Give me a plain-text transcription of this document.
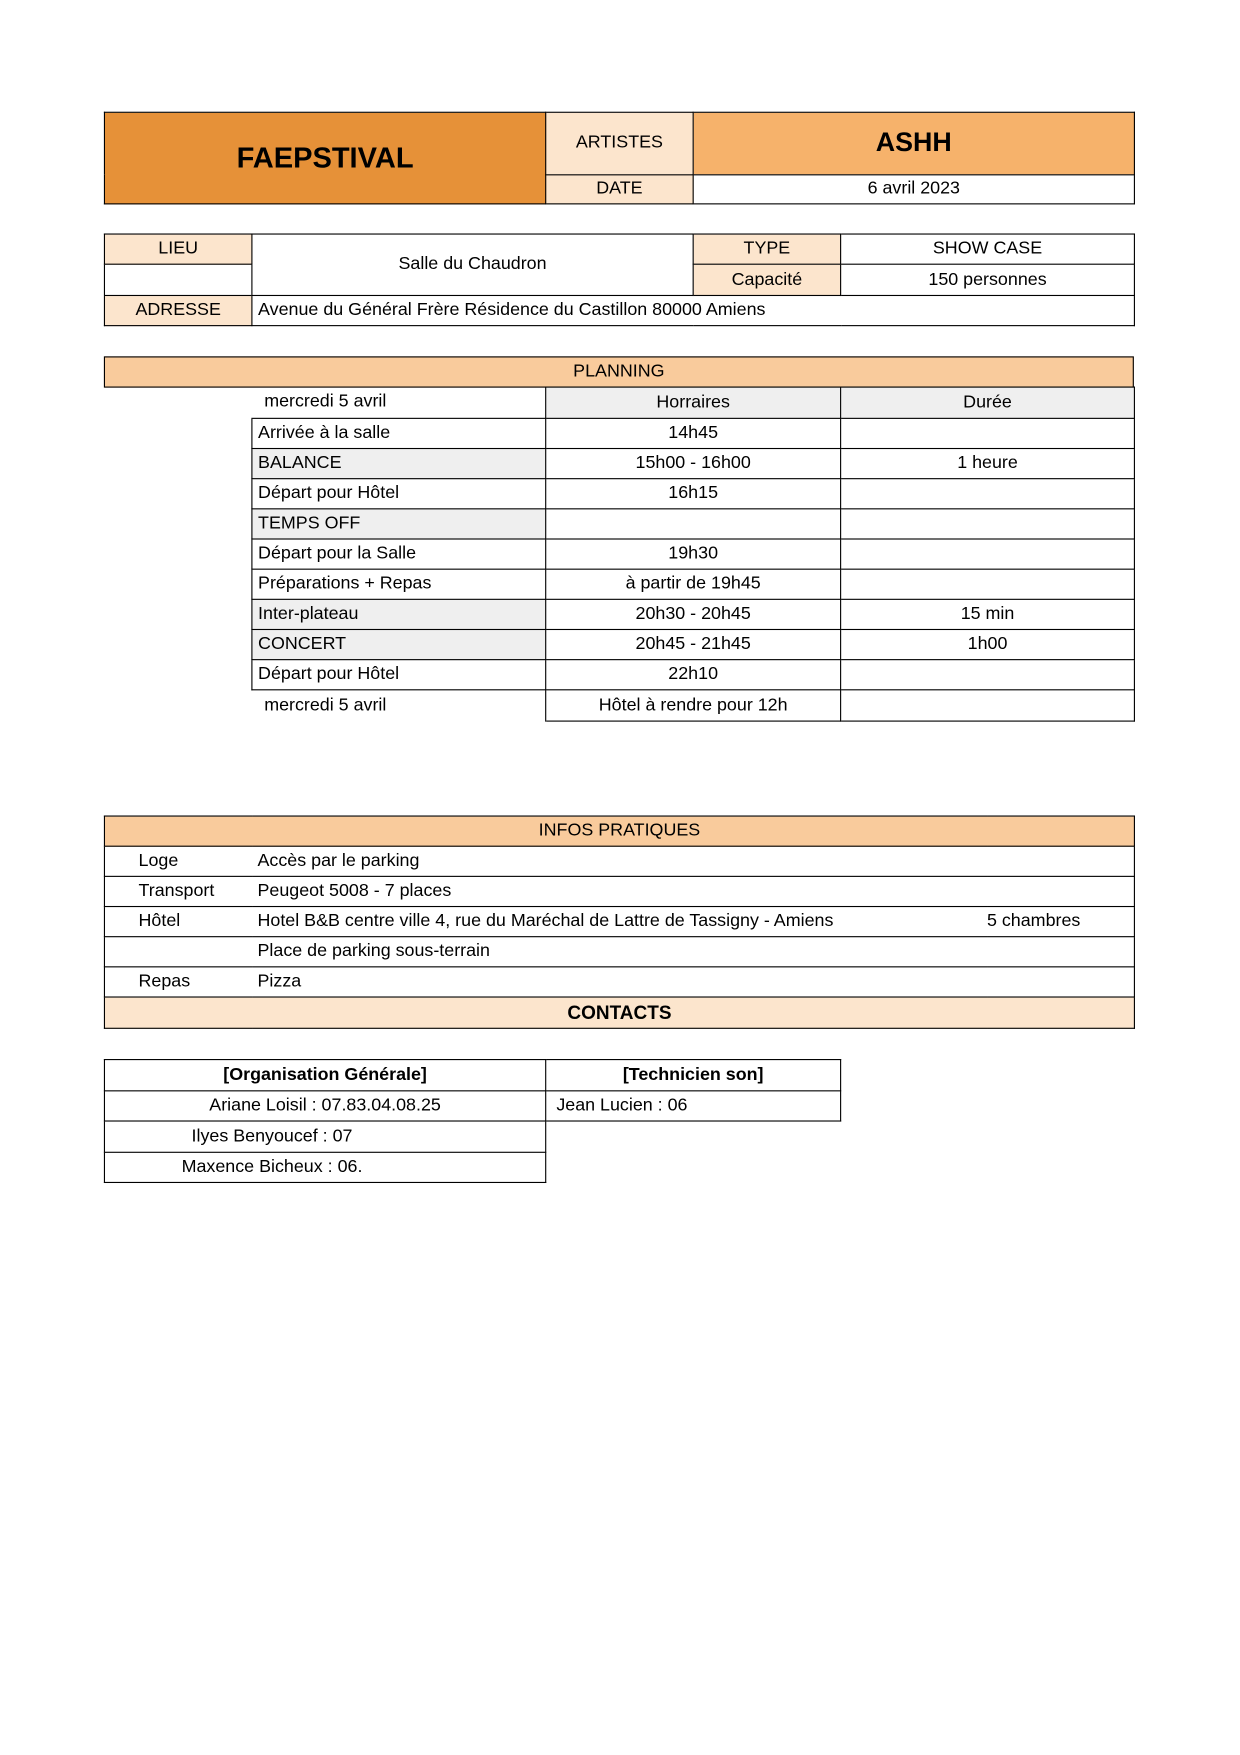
FAEPSTIVAL	ARTISTES	ASHH
	DATE	6 avril 2023
LIEU	Salle du Chaudron	TYPE	SHOW CASE
		Capacité	150 personnes
ADRESSE	Avenue du Général Frère Résidence du Castillon 80000 Amiens		
PLANNING
mercredi 5 avril	Horraires	Durée
Arrivée à la salle	14h45	
BALANCE	15h00 - 16h00	1 heure
Départ pour Hôtel	16h15	
TEMPS OFF		
Départ pour la Salle	19h30	
Préparations + Repas	à partir de 19h45	
Inter-plateau	20h30 - 20h45	15 min
CONCERT	20h45 - 21h45	1h00
Départ pour Hôtel	22h10	
mercredi 5 avril	Hôtel à rendre pour 12h	
INFOS PRATIQUES		
Loge	Accès par le parking	
Transport	Peugeot 5008 - 7 places	
Hôtel	Hotel B&B centre ville 4, rue du Maréchal de Lattre de Tassigny - Amiens	5 chambres
	Place de parking sous-terrain	
Repas	Pizza	
CONTACTS		
[Organisation Générale]	[Technicien son]
Ariane Loisil : 07.83.04.08.25	Jean Lucien : 06
Ilyes Benyoucef : 07	
Maxence Bicheux : 06.	
